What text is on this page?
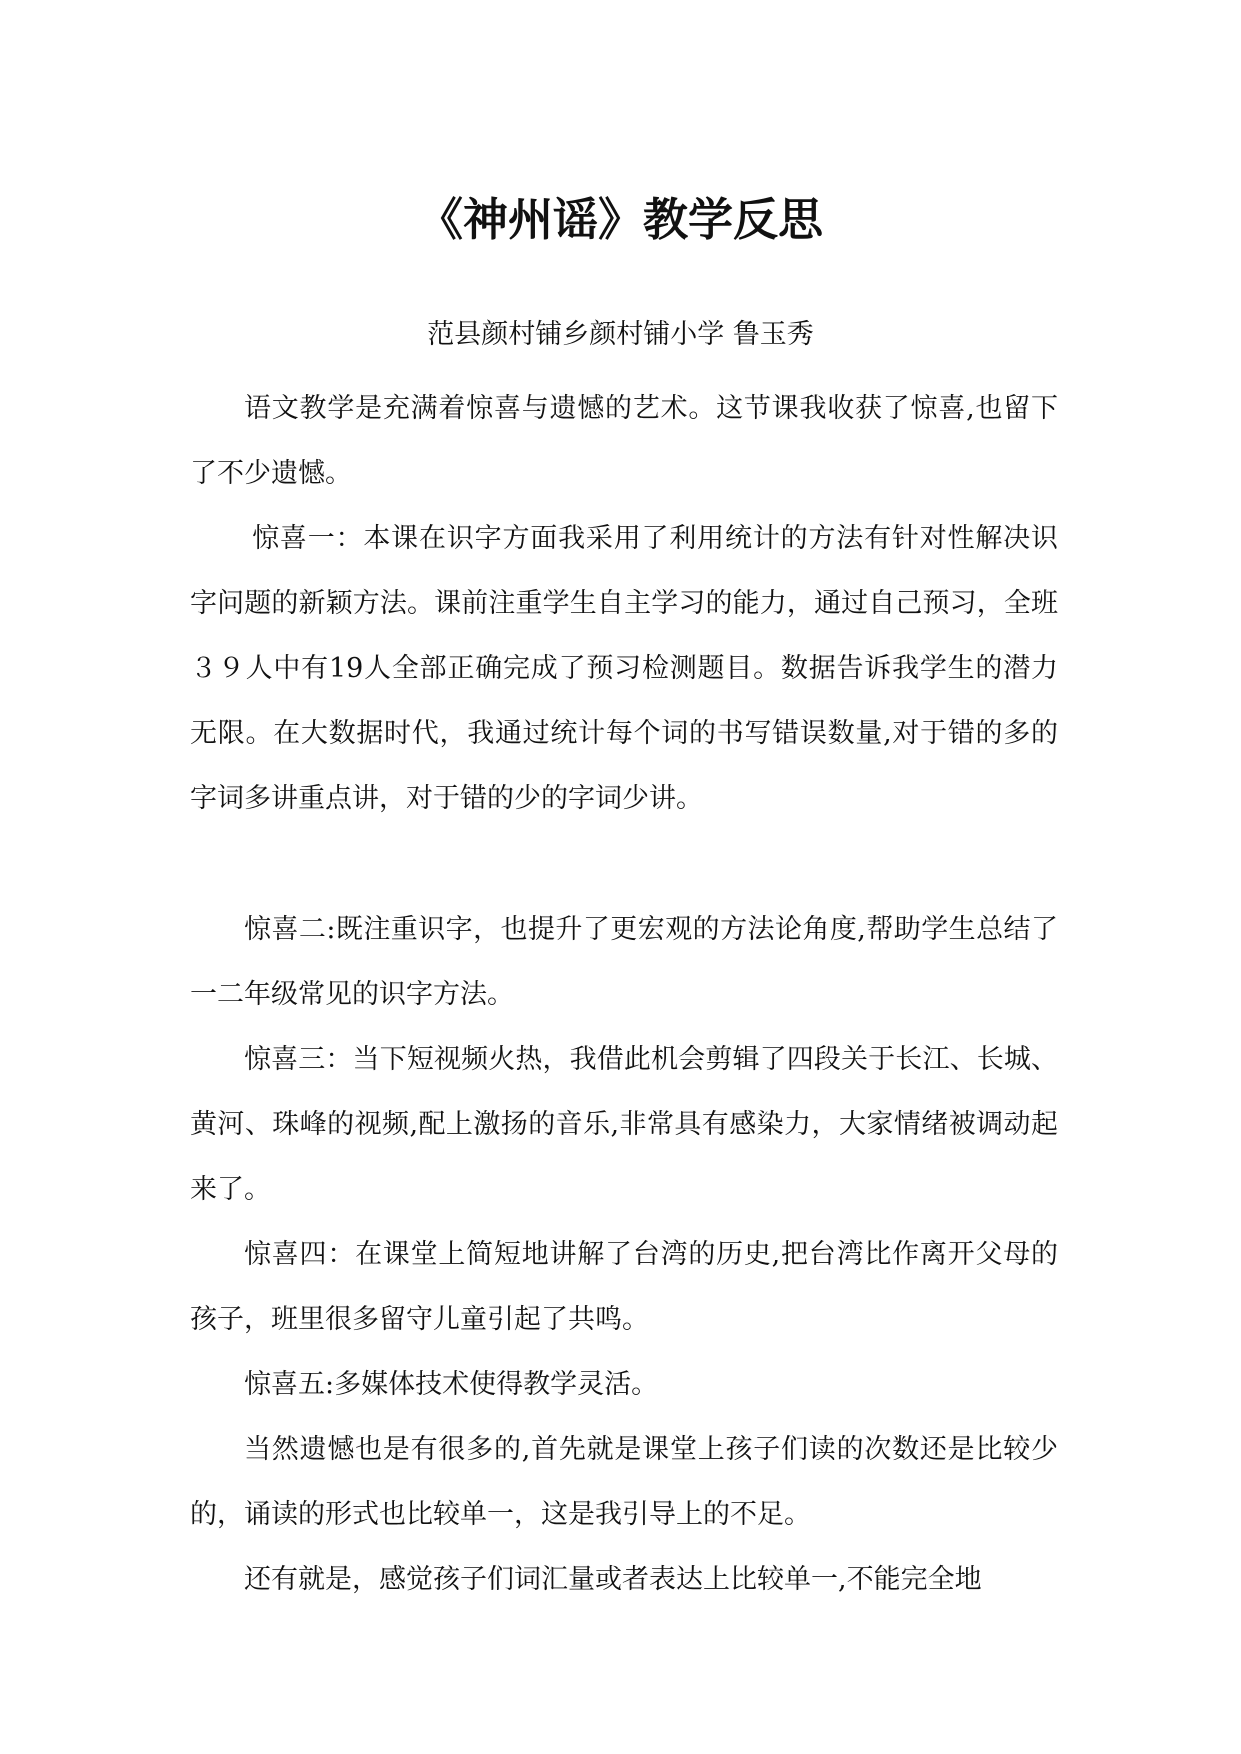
《神州谣》教学反思
范县颜村铺乡颜村铺小学 鲁玉秀

语文教学是充满着惊喜与遗憾的艺术。这节课我收获了惊喜,也留下了不少遗憾。

惊喜一：本课在识字方面我采用了利用统计的方法有针对性解决识字问题的新颖方法。课前注重学生自主学习的能力，通过自己预习，全班３９人中有19人全部正确完成了预习检测题目。数据告诉我学生的潜力无限。在大数据时代，我通过统计每个词的书写错误数量,对于错的多的字词多讲重点讲，对于错的少的字词少讲。

惊喜二:既注重识字，也提升了更宏观的方法论角度,帮助学生总结了一二年级常见的识字方法。

惊喜三：当下短视频火热，我借此机会剪辑了四段关于长江、长城、黄河、珠峰的视频,配上激扬的音乐,非常具有感染力，大家情绪被调动起来了。

惊喜四：在课堂上简短地讲解了台湾的历史,把台湾比作离开父母的孩子，班里很多留守儿童引起了共鸣。

惊喜五:多媒体技术使得教学灵活。

当然遗憾也是有很多的,首先就是课堂上孩子们读的次数还是比较少的，诵读的形式也比较单一，这是我引导上的不足。

还有就是，感觉孩子们词汇量或者表达上比较单一,不能完全地
